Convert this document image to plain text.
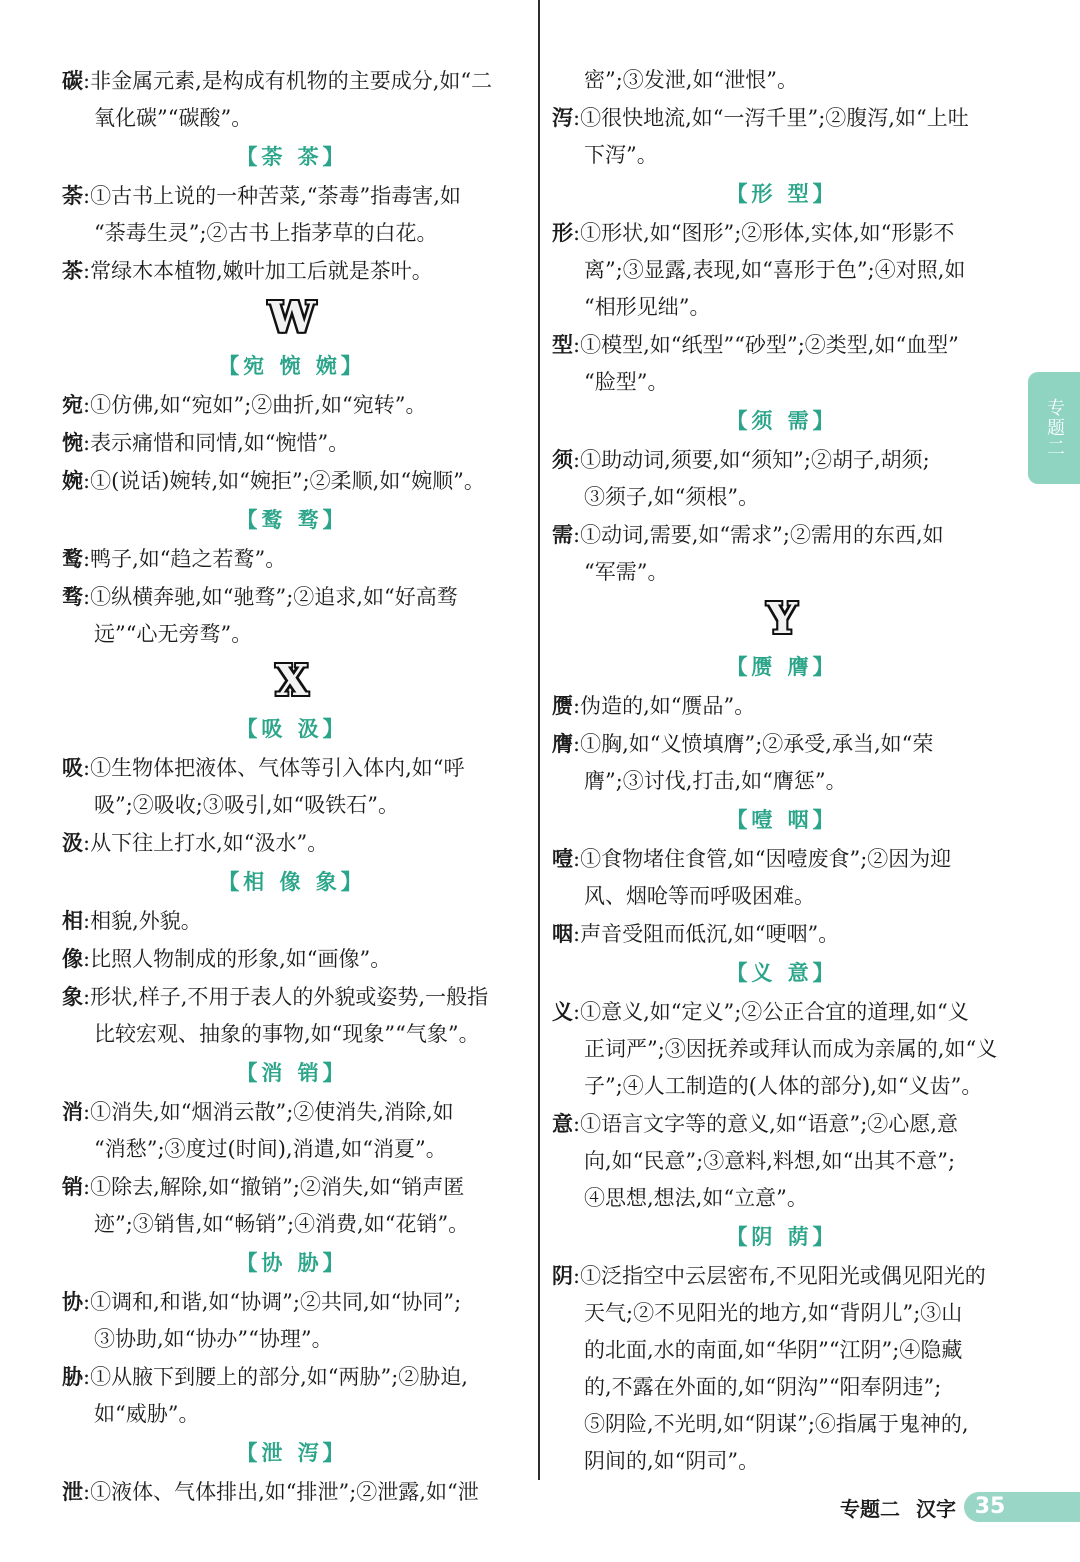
碳:非金属元素,是构成有机物的主要成分,如“二
氧化碳”“碳酸”。
【荼 茶】
荼:①古书上说的一种苦菜,“荼毒”指毒害,如
“荼毒生灵”;②古书上指茅草的白花。
茶:常绿木本植物,嫩叶加工后就是茶叶。
W
【宛 惋 婉】
宛:①仿佛,如“宛如”;②曲折,如“宛转”。
惋:表示痛惜和同情,如“惋惜”。
婉:①(说话)婉转,如“婉拒”;②柔顺,如“婉顺”。
【鹜 骛】
鹜:鸭子,如“趋之若鹜”。
骛:①纵横奔驰,如“驰骛”;②追求,如“好高骛
远”“心无旁骛”。
X
【吸 汲】
吸:①生物体把液体、气体等引入体内,如“呼
吸”;②吸收;③吸引,如“吸铁石”。
汲:从下往上打水,如“汲水”。
【相 像 象】
相:相貌,外貌。
像:比照人物制成的形象,如“画像”。
象:形状,样子,不用于表人的外貌或姿势,一般指
比较宏观、抽象的事物,如“现象”“气象”。
【消 销】
消:①消失,如“烟消云散”;②使消失,消除,如
“消愁”;③度过(时间),消遣,如“消夏”。
销:①除去,解除,如“撤销”;②消失,如“销声匿
迹”;③销售,如“畅销”;④消费,如“花销”。
【协 胁】
协:①调和,和谐,如“协调”;②共同,如“协同”;
③协助,如“协办”“协理”。
胁:①从腋下到腰上的部分,如“两胁”;②胁迫,
如“威胁”。
【泄 泻】
泄:①液体、气体排出,如“排泄”;②泄露,如“泄
密”;③发泄,如“泄恨”。
泻:①很快地流,如“一泻千里”;②腹泻,如“上吐
下泻”。
【形 型】
形:①形状,如“图形”;②形体,实体,如“形影不
离”;③显露,表现,如“喜形于色”;④对照,如
“相形见绌”。
型:①模型,如“纸型”“砂型”;②类型,如“血型”
“脸型”。
【须 需】
须:①助动词,须要,如“须知”;②胡子,胡须;
③须子,如“须根”。
需:①动词,需要,如“需求”;②需用的东西,如
“军需”。
Y
【赝 膺】
赝:伪造的,如“赝品”。
膺:①胸,如“义愤填膺”;②承受,承当,如“荣
膺”;③讨伐,打击,如“膺惩”。
【噎 咽】
噎:①食物堵住食管,如“因噎废食”;②因为迎
风、烟呛等而呼吸困难。
咽:声音受阻而低沉,如“哽咽”。
【义 意】
义:①意义,如“定义”;②公正合宜的道理,如“义
正词严”;③因抚养或拜认而成为亲属的,如“义
子”;④人工制造的(人体的部分),如“义齿”。
意:①语言文字等的意义,如“语意”;②心愿,意
向,如“民意”;③意料,料想,如“出其不意”;
④思想,想法,如“立意”。
【阴 荫】
阴:①泛指空中云层密布,不见阳光或偶见阳光的
天气;②不见阳光的地方,如“背阴儿”;③山
的北面,水的南面,如“华阴”“江阴”;④隐藏
的,不露在外面的,如“阴沟”“阳奉阴违”;
⑤阴险,不光明,如“阴谋”;⑥指属于鬼神的,
阴间的,如“阴司”。
专题二
专题二 汉字 35
